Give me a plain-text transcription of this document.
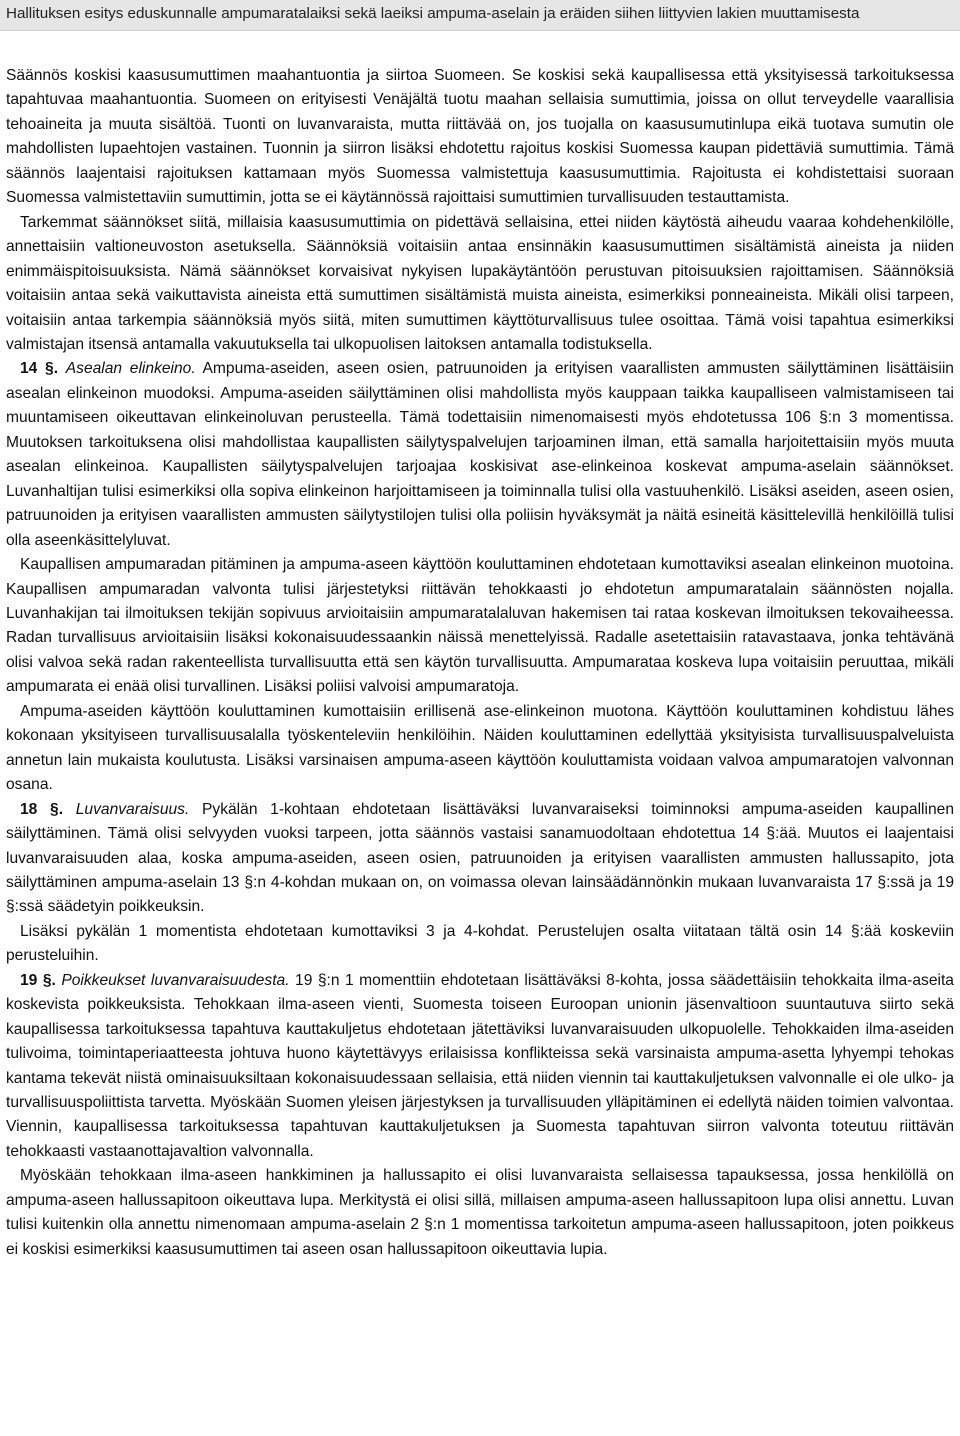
Hallituksen esitys eduskunnalle ampumaratalaiksi sekä laeiksi ampuma-aselain ja eräiden siihen liittyvien lakien muuttamisesta

Säännös koskisi kaasusumuttimen maahantuontia ja siirtoa Suomeen. Se koskisi sekä kaupallisessa että yksityisessä tarkoituksessa tapahtuvaa maahantuontia. Suomeen on erityisesti Venäjältä tuotu maahan sellaisia sumuttimia, joissa on ollut terveydelle vaarallisia tehoaineita ja muuta sisältöä. Tuonti on luvanvaraista, mutta riittävää on, jos tuojalla on kaasusumutinlupa eikä tuotava sumutin ole mahdollisten lupaehtojen vastainen. Tuonnin ja siirron lisäksi ehdotettu rajoitus koskisi Suomessa kaupan pidettäviä sumuttimia. Tämä säännös laajentaisi rajoituksen kattamaan myös Suomessa valmistettuja kaasusumuttimia. Rajoitusta ei kohdistettaisi suoraan Suomessa valmistettaviin sumuttimin, jotta se ei käytännössä rajoittaisi sumuttimien turvallisuuden testauttamista.

Tarkemmat säännökset siitä, millaisia kaasusumuttimia on pidettävä sellaisina, ettei niiden käytöstä aiheudu vaaraa kohdehenkilölle, annettaisiin valtioneuvoston asetuksella. Säännöksiä voitaisiin antaa ensinnäkin kaasusumuttimen sisältämistä aineista ja niiden enimmäispitoisuuksista. Nämä säännökset korvaisivat nykyisen lupakäytäntöön perustuvan pitoisuuksien rajoittamisen. Säännöksiä voitaisiin antaa sekä vaikuttavista aineista että sumuttimen sisältämistä muista aineista, esimerkiksi ponneaineista. Mikäli olisi tarpeen, voitaisiin antaa tarkempia säännöksiä myös siitä, miten sumuttimen käyttöturvallisuus tulee osoittaa. Tämä voisi tapahtua esimerkiksi valmistajan itsensä antamalla vakuutuksella tai ulkopuolisen laitoksen antamalla todistuksella.

14 §. Asealan elinkeino. Ampuma-aseiden, aseen osien, patruunoiden ja erityisen vaarallisten ammusten säilyttäminen lisättäisiin asealan elinkeinon muodoksi. Ampuma-aseiden säilyttäminen olisi mahdollista myös kauppaan taikka kaupalliseen valmistamiseen tai muuntamiseen oikeuttavan elinkeinoluvan perusteella. Tämä todettaisiin nimenomaisesti myös ehdotetussa 106 §:n 3 momentissa. Muutoksen tarkoituksena olisi mahdollistaa kaupallisten säilytyspalvelujen tarjoaminen ilman, että samalla harjoitettaisiin myös muuta asealan elinkeinoa. Kaupallisten säilytyspalvelujen tarjoajaa koskisivat ase-elinkeinoa koskevat ampuma-aselain säännökset. Luvanhaltijan tulisi esimerkiksi olla sopiva elinkeinon harjoittamiseen ja toiminnalla tulisi olla vastuuhenkilö. Lisäksi aseiden, aseen osien, patruunoiden ja erityisen vaarallisten ammusten säilytystilojen tulisi olla poliisin hyväksymät ja näitä esineitä käsittelevillä henkilöillä tulisi olla aseenkäsittelyluvat.

Kaupallisen ampumaradan pitäminen ja ampuma-aseen käyttöön kouluttaminen ehdotetaan kumottaviksi asealan elinkeinon muotoina. Kaupallisen ampumaradan valvonta tulisi järjestetyksi riittävän tehokkaasti jo ehdotetun ampumaratalain säännösten nojalla. Luvanhakijan tai ilmoituksen tekijän sopivuus arvioitaisiin ampumaratalaluvan hakemisen tai rataa koskevan ilmoituksen tekovaiheessa. Radan turvallisuus arvioitaisiin lisäksi kokonaisuudessaankin näissä menettelyissä. Radalle asetettaisiin ratavastaava, jonka tehtävänä olisi valvoa sekä radan rakenteellista turvallisuutta että sen käytön turvallisuutta. Ampumarataa koskeva lupa voitaisiin peruuttaa, mikäli ampumarata ei enää olisi turvallinen. Lisäksi poliisi valvoisi ampumaratoja.

Ampuma-aseiden käyttöön kouluttaminen kumottaisiin erillisenä ase-elinkeinon muotona. Käyttöön kouluttaminen kohdistuu lähes kokonaan yksityiseen turvallisuusalalla työskenteleviin henkilöihin. Näiden kouluttaminen edellyttää yksityisista turvallisuuspalveluista annetun lain mukaista koulutusta. Lisäksi varsinaisen ampuma-aseen käyttöön kouluttamista voidaan valvoa ampumaratojen valvonnan osana.

18 §. Luvanvaraisuus. Pykälän 1-kohtaan ehdotetaan lisättäväksi luvanvaraiseksi toiminnoksi ampuma-aseiden kaupallinen säilyttäminen. Tämä olisi selvyyden vuoksi tarpeen, jotta säännös vastaisi sanamuodoltaan ehdotettua 14 §:ää. Muutos ei laajentaisi luvanvaraisuuden alaa, koska ampuma-aseiden, aseen osien, patruunoiden ja erityisen vaarallisten ammusten hallussapito, jota säilyttäminen ampuma-aselain 13 §:n 4-kohdan mukaan on, on voimassa olevan lainsäädännönkin mukaan luvanvaraista 17 §:ssä ja 19 §:ssä säädetyin poikkeuksin.

Lisäksi pykälän 1 momentista ehdotetaan kumottaviksi 3 ja 4-kohdat. Perustelujen osalta viitataan tältä osin 14 §:ää koskeviin perusteluihin.

19 §. Poikkeukset luvanvaraisuudesta. 19 §:n 1 momenttiin ehdotetaan lisättäväksi 8-kohta, jossa säädettäisiin tehokkaita ilma-aseita koskevista poikkeuksista. Tehokkaan ilma-aseen vienti, Suomesta toiseen Euroopan unionin jäsenvaltioon suuntautuva siirto sekä kaupallisessa tarkoituksessa tapahtuva kauttakuljetus ehdotetaan jätettäviksi luvanvaraisuuden ulkopuolelle. Tehokkaiden ilma-aseiden tulivoima, toimintaperiaatteesta johtuva huono käytettävyys erilaisissa konflikteissa sekä varsinaista ampuma-asetta lyhyempi tehokas kantama tekevät niistä ominaisuuksiltaan kokonaisuudessaan sellaisia, että niiden viennin tai kauttakuljetuksen valvonnalle ei ole ulko- ja turvallisuuspoliittista tarvetta. Myöskään Suomen yleisen järjestyksen ja turvallisuuden ylläpitäminen ei edellytä näiden toimien valvontaa. Viennin, kaupallisessa tarkoituksessa tapahtuvan kauttakuljetuksen ja Suomesta tapahtuvan siirron valvonta toteutuu riittävän tehokkaasti vastaanottajavaltion valvonnalla.

Myöskään tehokkaan ilma-aseen hankkiminen ja hallussapito ei olisi luvanvaraista sellaisessa tapauksessa, jossa henkilöllä on ampuma-aseen hallussapitoon oikeuttava lupa. Merkitystä ei olisi sillä, millaisen ampuma-aseen hallussapitoon lupa olisi annettu. Luvan tulisi kuitenkin olla annettu nimenomaan ampuma-aselain 2 §:n 1 momentissa tarkoitetun ampuma-aseen hallussapitoon, joten poikkeus ei koskisi esimerkiksi kaasusumuttimen tai aseen osan hallussapitoon oikeuttavia lupia.
